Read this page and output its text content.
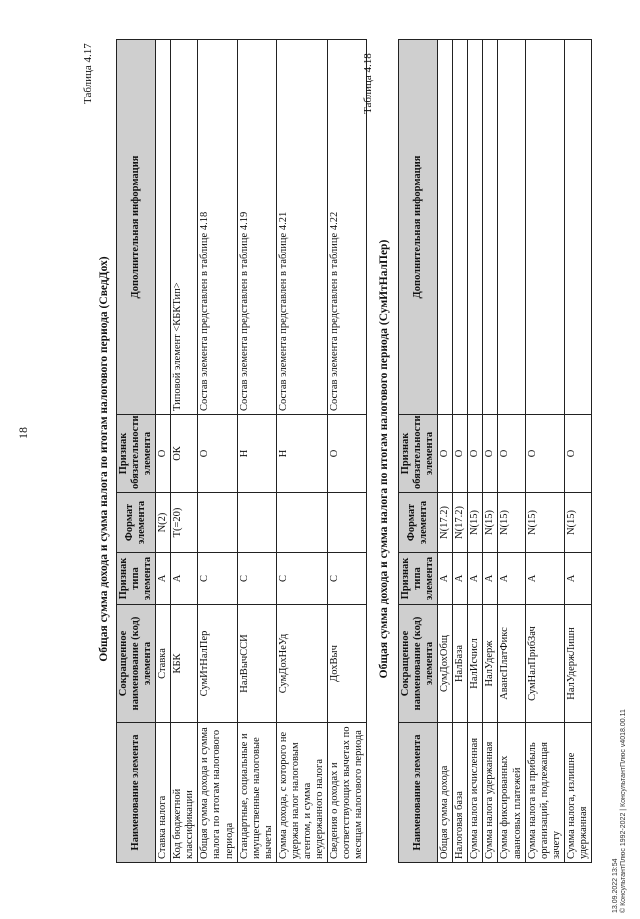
18
Таблица 4.17
Общая сумма дохода и сумма налога по итогам налогового периода (СведДох)
Наименование элемента	Сокращенное наименование (код) элемента	Признак типа элемента	Формат элемента	Признак обязательности элемента	Дополнительная информация
Ставка налога	Ставка	А	N(2)	О	
Код бюджетной классификации	КБК	А	T(=20)	ОК	Типовой элемент <КБКТип>
Общая сумма дохода и сумма налога по итогам налогового периода	СумИтНалПер	С		О	Состав элемента представлен в таблице 4.18
Стандартные, социальные и имущественные налоговые вычеты	НалВычССИ	С		Н	Состав элемента представлен в таблице 4.19
Сумма дохода, с которого не удержан налог налоговым агентом, и сумма неудержанного налога	СумДохНеУд	С		Н	Состав элемента представлен в таблице 4.21
Сведения о доходах и соответствующих вычетах по месяцам налогового периода	ДохВыч	С		О	Состав элемента представлен в таблице 4.22
Таблица 4.18
Общая сумма дохода и сумма налога по итогам налогового периода (СумИтНалПер)
Наименование элемента	Сокращенное наименование (код) элемента	Признак типа элемента	Формат элемента	Признак обязательности элемента	Дополнительная информация
Общая сумма дохода	СумДохОбщ	А	N(17.2)	О	
Налоговая база	НалБаза	А	N(17.2)	О	
Сумма налога исчисленная	НалИсчисл	А	N(15)	О	
Сумма налога удержанная	НалУдерж	А	N(15)	О	
Сумма фиксированных авансовых платежей	АвансПлатФикс	А	N(15)	О	
Сумма налога на прибыль организаций, подлежащая зачету	СумНалПрибЗач	А	N(15)	О	
Сумма налога, излишне удержанная	НалУдержЛишн	А	N(15)	О	
13.09.2022 13:54 © КонсультантПлюс 1992-2022 | КонсультантПлюс v4018.00.11
